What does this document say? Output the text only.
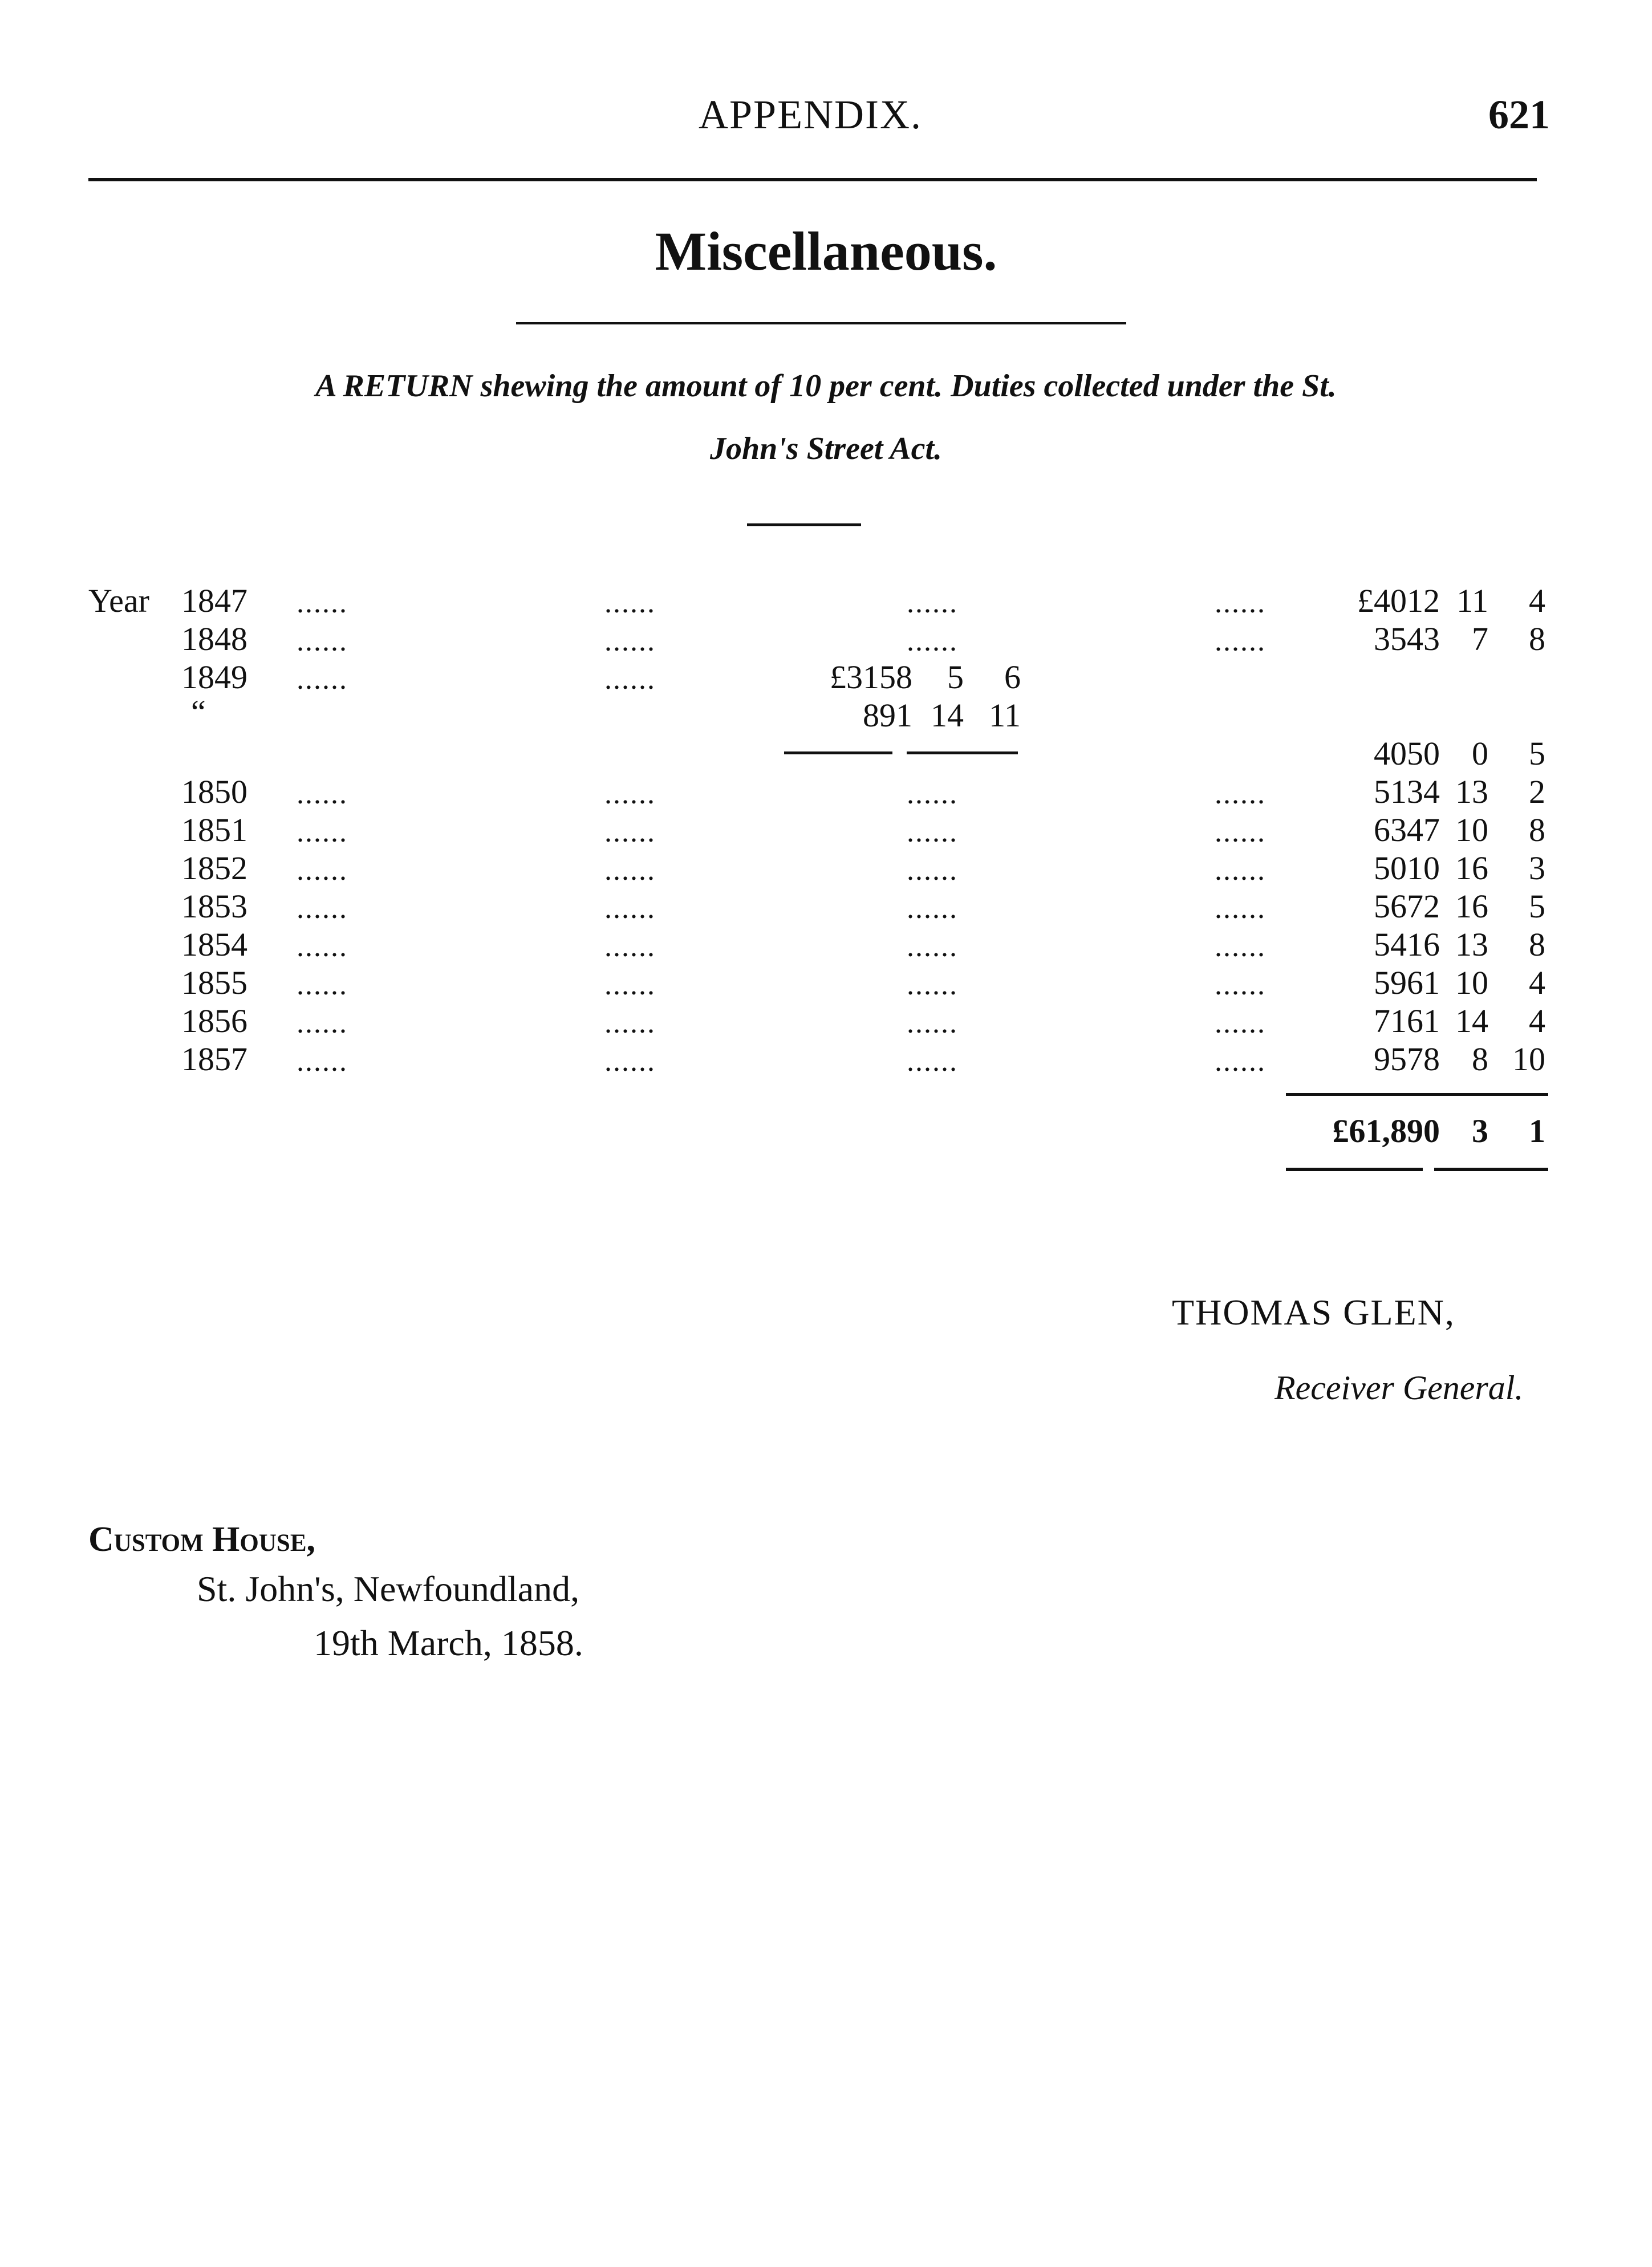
APPENDIX.	621
Miscellaneous.
A RETURN shewing the amount of 10 per cent. Duties collected under the St.
John's Street Act.
Year 1847 ......	......	......	......	£4012 11	4
1848 ......	......	......	......	3543 7	8
1849 ......	......	£3158	5	6
“	891 14 11
4050 0	5
1850 ......	......	......	......	5134 13	2
1851 ......	......	......	......	6347 10	8
1852 ......	......	......	......	5010 16	3
1853 ......	......	......	......	5672 16	5
1854 ......	......	......	......	5416 13	8
1855 ......	......	......	......	5961 10	4
1856 ......	......	......	......	7161 14	4
1857 ......	......	......	......	9578 8 10
£61,890 3	1
THOMAS GLEN,
Receiver General.
Custom House,
St. John's, Newfoundland,
19th March, 1858.
